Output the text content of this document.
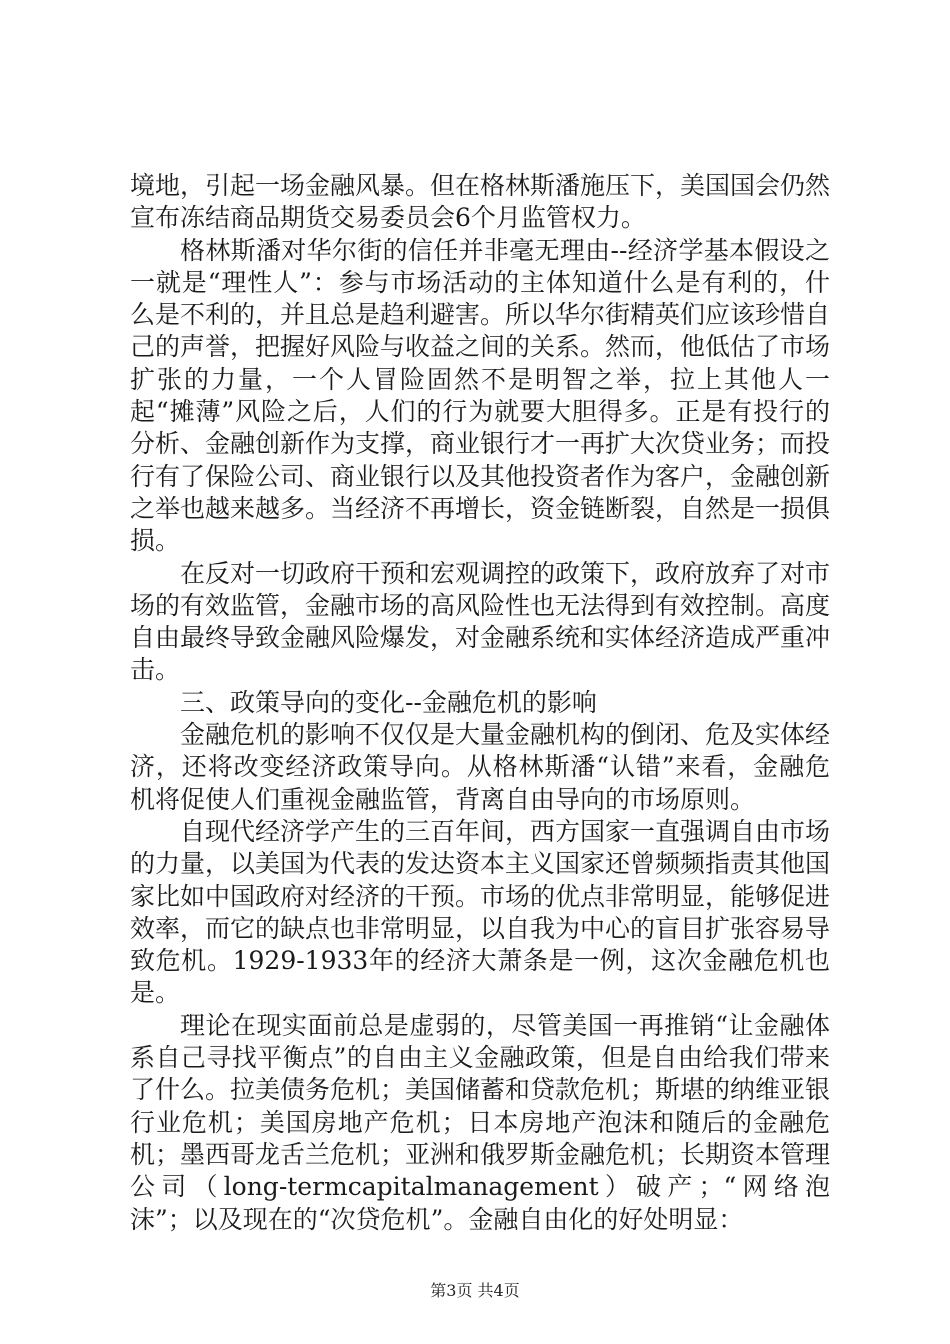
境地，引起一场金融风暴。但在格林斯潘施压下，美国国会仍然宣布冻结商品期货交易委员会6个月监管权力。

格林斯潘对华尔街的信任并非毫无理由--经济学基本假设之一就是“理性人”：参与市场活动的主体知道什么是有利的，什么是不利的，并且总是趋利避害。所以华尔街精英们应该珍惜自己的声誉，把握好风险与收益之间的关系。然而，他低估了市场扩张的力量，一个人冒险固然不是明智之举，拉上其他人一起“摊薄”风险之后，人们的行为就要大胆得多。正是有投行的分析、金融创新作为支撑，商业银行才一再扩大次贷业务；而投行有了保险公司、商业银行以及其他投资者作为客户，金融创新之举也越来越多。当经济不再增长，资金链断裂，自然是一损俱损。

在反对一切政府干预和宏观调控的政策下，政府放弃了对市场的有效监管，金融市场的高风险性也无法得到有效控制。高度自由最终导致金融风险爆发，对金融系统和实体经济造成严重冲击。

三、政策导向的变化--金融危机的影响

金融危机的影响不仅仅是大量金融机构的倒闭、危及实体经济，还将改变经济政策导向。从格林斯潘“认错”来看，金融危机将促使人们重视金融监管，背离自由导向的市场原则。

自现代经济学产生的三百年间，西方国家一直强调自由市场的力量，以美国为代表的发达资本主义国家还曾频频指责其他国家比如中国政府对经济的干预。市场的优点非常明显，能够促进效率，而它的缺点也非常明显，以自我为中心的盲目扩张容易导致危机。1929-1933年的经济大萧条是一例，这次金融危机也是。

理论在现实面前总是虚弱的，尽管美国一再推销“让金融体系自己寻找平衡点”的自由主义金融政策，但是自由给我们带来了什么。拉美债务危机；美国储蓄和贷款危机；斯堪的纳维亚银行业危机；美国房地产危机；日本房地产泡沫和随后的金融危机；墨西哥龙舌兰危机；亚洲和俄罗斯金融危机；长期资本管理公司（long-termcapitalmanagement）破产；“网络泡沫”；以及现在的“次贷危机”。金融自由化的好处明显：

第3页 共4页
